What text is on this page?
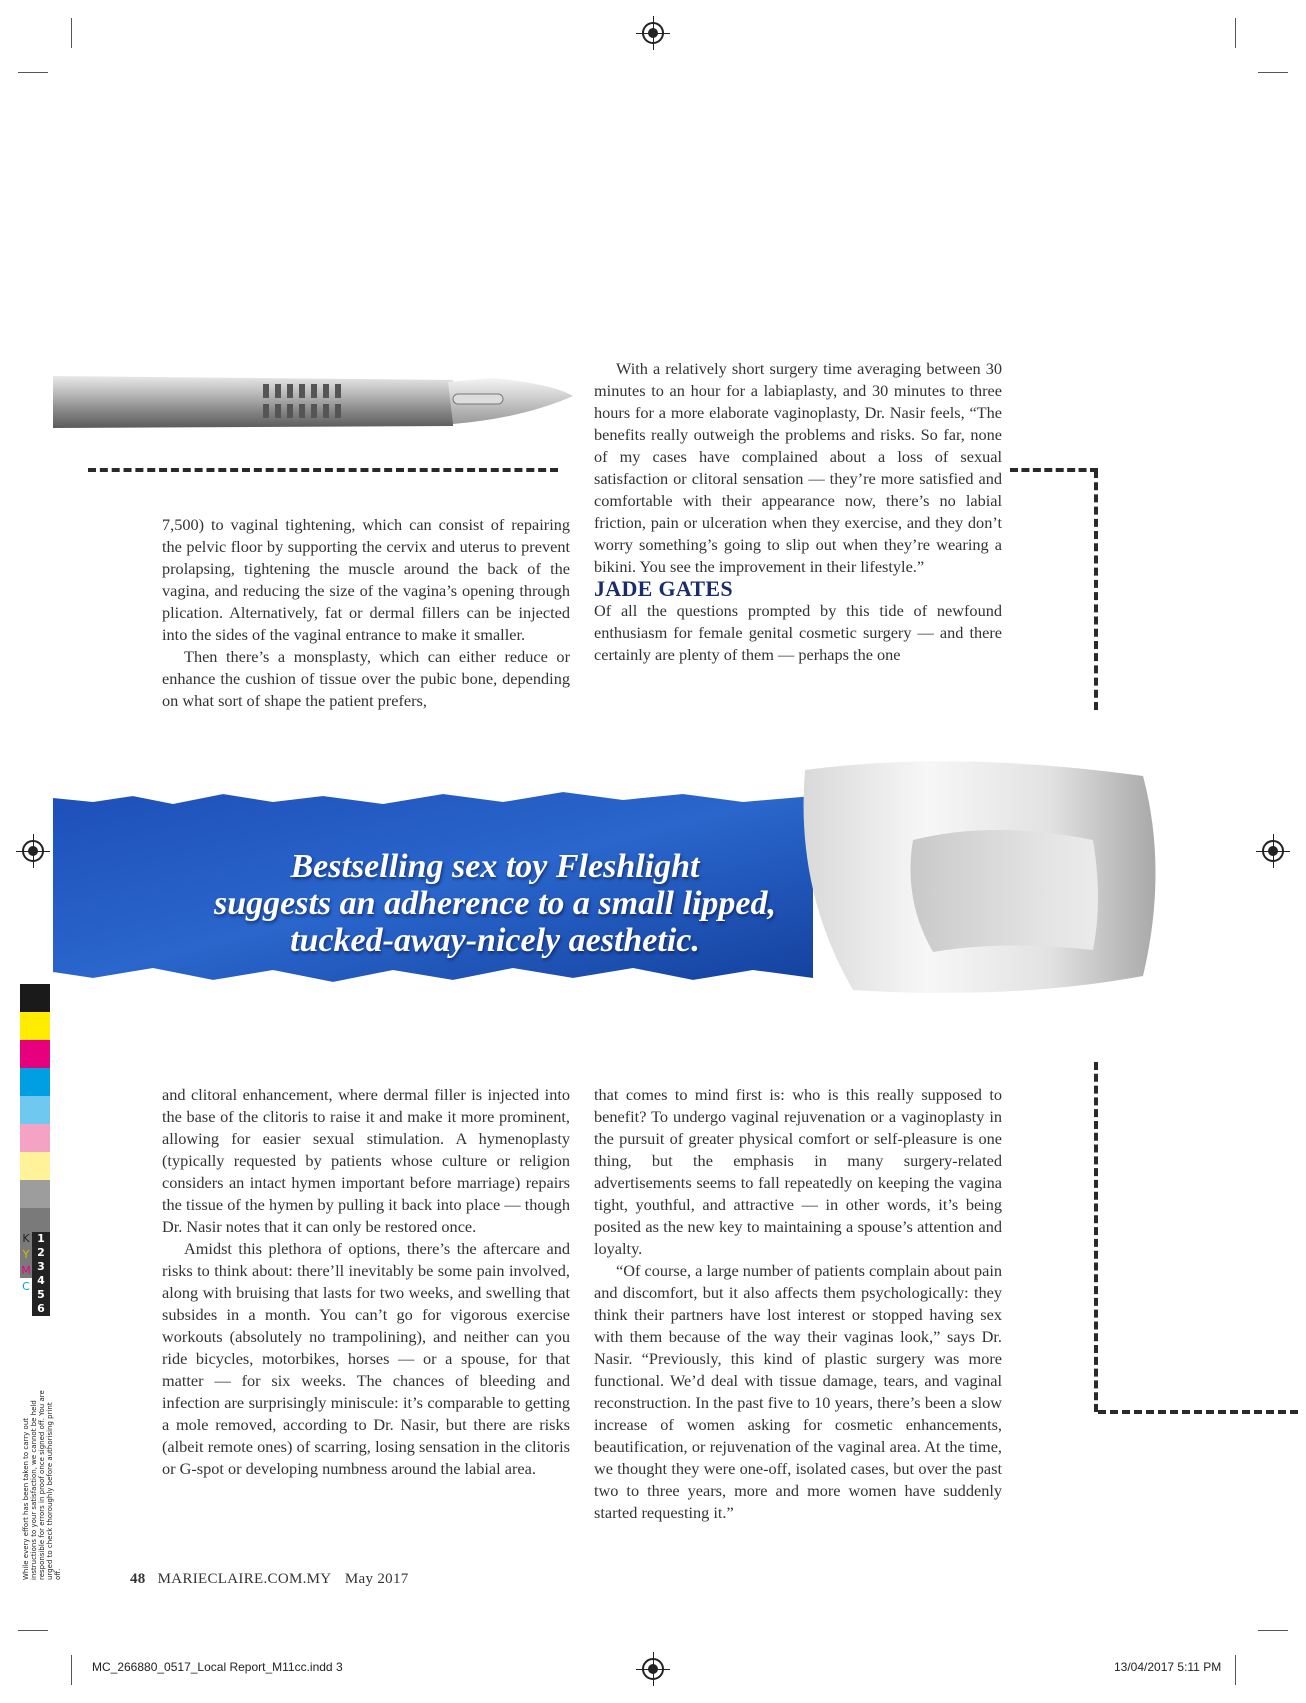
7,500) to vaginal tightening, which can consist of repairing the pelvic floor by supporting the cervix and uterus to prevent prolapsing, tightening the muscle around the back of the vagina, and reducing the size of the vagina’s opening through plication. Alternatively, fat or dermal fillers can be injected into the sides of the vaginal entrance to make it smaller.

Then there’s a monsplasty, which can either reduce or enhance the cushion of tissue over the pubic bone, depending on what sort of shape the patient prefers,

With a relatively short surgery time averaging between 30 minutes to an hour for a labiaplasty, and 30 minutes to three hours for a more elaborate vaginoplasty, Dr. Nasir feels, “The benefits really outweigh the problems and risks. So far, none of my cases have complained about a loss of sexual satisfaction or clitoral sensation — they’re more satisfied and comfortable with their appearance now, there’s no labial friction, pain or ulceration when they exercise, and they don’t worry something’s going to slip out when they’re wearing a bikini. You see the improvement in their lifestyle.”

JADE GATES

Of all the questions prompted by this tide of newfound enthusiasm for female genital cosmetic surgery — and there certainly are plenty of them — perhaps the one

Bestselling sex toy Fleshlight
suggests an adherence to a small lipped,
tucked-away-nicely aesthetic.

and clitoral enhancement, where dermal filler is injected into the base of the clitoris to raise it and make it more prominent, allowing for easier sexual stimulation. A hymenoplasty (typically requested by patients whose culture or religion considers an intact hymen important before marriage) repairs the tissue of the hymen by pulling it back into place — though Dr. Nasir notes that it can only be restored once.

Amidst this plethora of options, there’s the aftercare and risks to think about: there’ll inevitably be some pain involved, along with bruising that lasts for two weeks, and swelling that subsides in a month. You can’t go for vigorous exercise workouts (absolutely no trampolining), and neither can you ride bicycles, motorbikes, horses — or a spouse, for that matter — for six weeks. The chances of bleeding and infection are surprisingly miniscule: it’s comparable to getting a mole removed, according to Dr. Nasir, but there are risks (albeit remote ones) of scarring, losing sensation in the clitoris or G-spot or developing numbness around the labial area.

that comes to mind first is: who is this really supposed to benefit? To undergo vaginal rejuvenation or a vaginoplasty in the pursuit of greater physical comfort or self-pleasure is one thing, but the emphasis in many surgery-related advertisements seems to fall repeatedly on keeping the vagina tight, youthful, and attractive — in other words, it’s being posited as the new key to maintaining a spouse’s attention and loyalty.

“Of course, a large number of patients complain about pain and discomfort, but it also affects them psychologically: they think their partners have lost interest or stopped having sex with them because of the way their vaginas look,” says Dr. Nasir. “Previously, this kind of plastic surgery was more functional. We’d deal with tissue damage, tears, and vaginal reconstruction. In the past five to 10 years, there’s been a slow increase of women asking for cosmetic enhancements, beautification, or rejuvenation of the vaginal area. At the time, we thought they were one-off, isolated cases, but over the past two to three years, more and more women have suddenly started requesting it.”

1
2
3
4
5
6
K
Y
M
C
While every effort has been taken to carry out instructions to your satisfaction, we cannot be held responsible for errors in proof once signed off. You are urged to check thoroughly before authorising print off.	48 MARIECLAIRE.COM.MY May 2017
MC_266880_0517_Local Report_M11cc.indd 3	13/04/2017 5:11 PM
